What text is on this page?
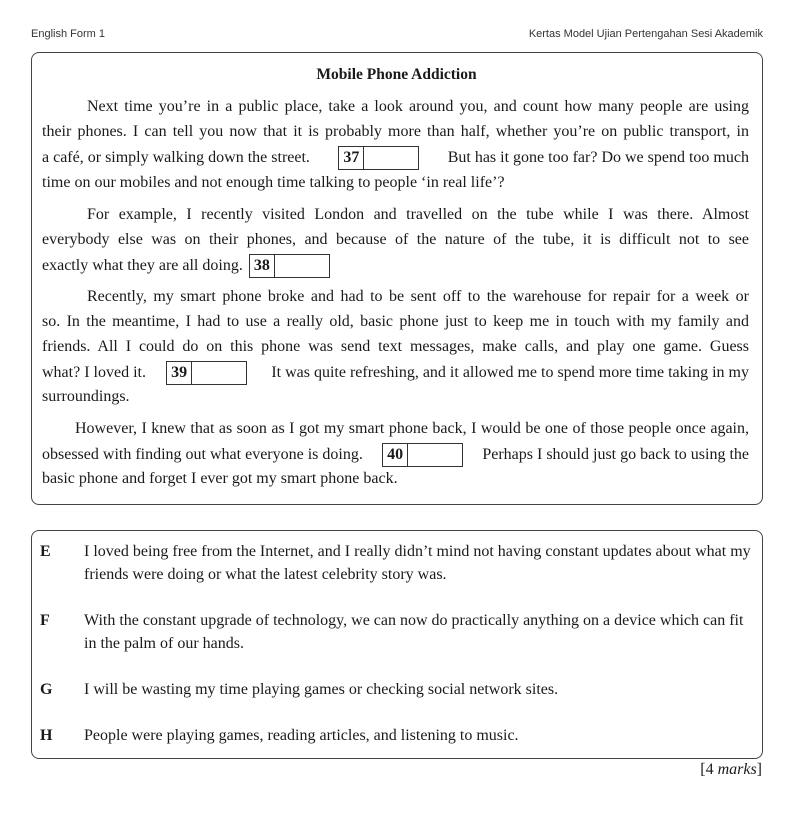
English Form 1	Kertas Model Ujian Pertengahan Sesi Akademik
Mobile Phone Addiction
Next time you’re in a public place, take a look around you, and count how many people are using
their phones. I can tell you now that it is probably more than half, whether you’re on public transport, in
a café, or simply walking down the street. 37	But has it gone too far? Do we spend too much
time on our mobiles and not enough time talking to people ‘in real life’?
For example, I recently visited London and travelled on the tube while I was there. Almost
everybody else was on their phones, and because of the nature of the tube, it is difficult not to see
exactly what they are all doing. 38
Recently, my smart phone broke and had to be sent off to the warehouse for repair for a week or
so. In the meantime, I had to use a really old, basic phone just to keep me in touch with my family and
friends. All I could do on this phone was send text messages, make calls, and play one game. Guess
what? I loved it. 39	It was quite refreshing, and it allowed me to spend more time taking in my
surroundings.
However, I knew that as soon as I got my smart phone back, I would be one of those people once again,
obsessed with finding out what everyone is doing. 40	Perhaps I should just go back to using the
basic phone and forget I ever got my smart phone back.
E I loved being free from the Internet, and I really didn’t mind not having constant updates about what my friends were doing or what the latest celebrity story was.
F With the constant upgrade of technology, we can now do practically anything on a device which can fit in the palm of our hands.
G I will be wasting my time playing games or checking social network sites.
H People were playing games, reading articles, and listening to music.
[4 marks]
